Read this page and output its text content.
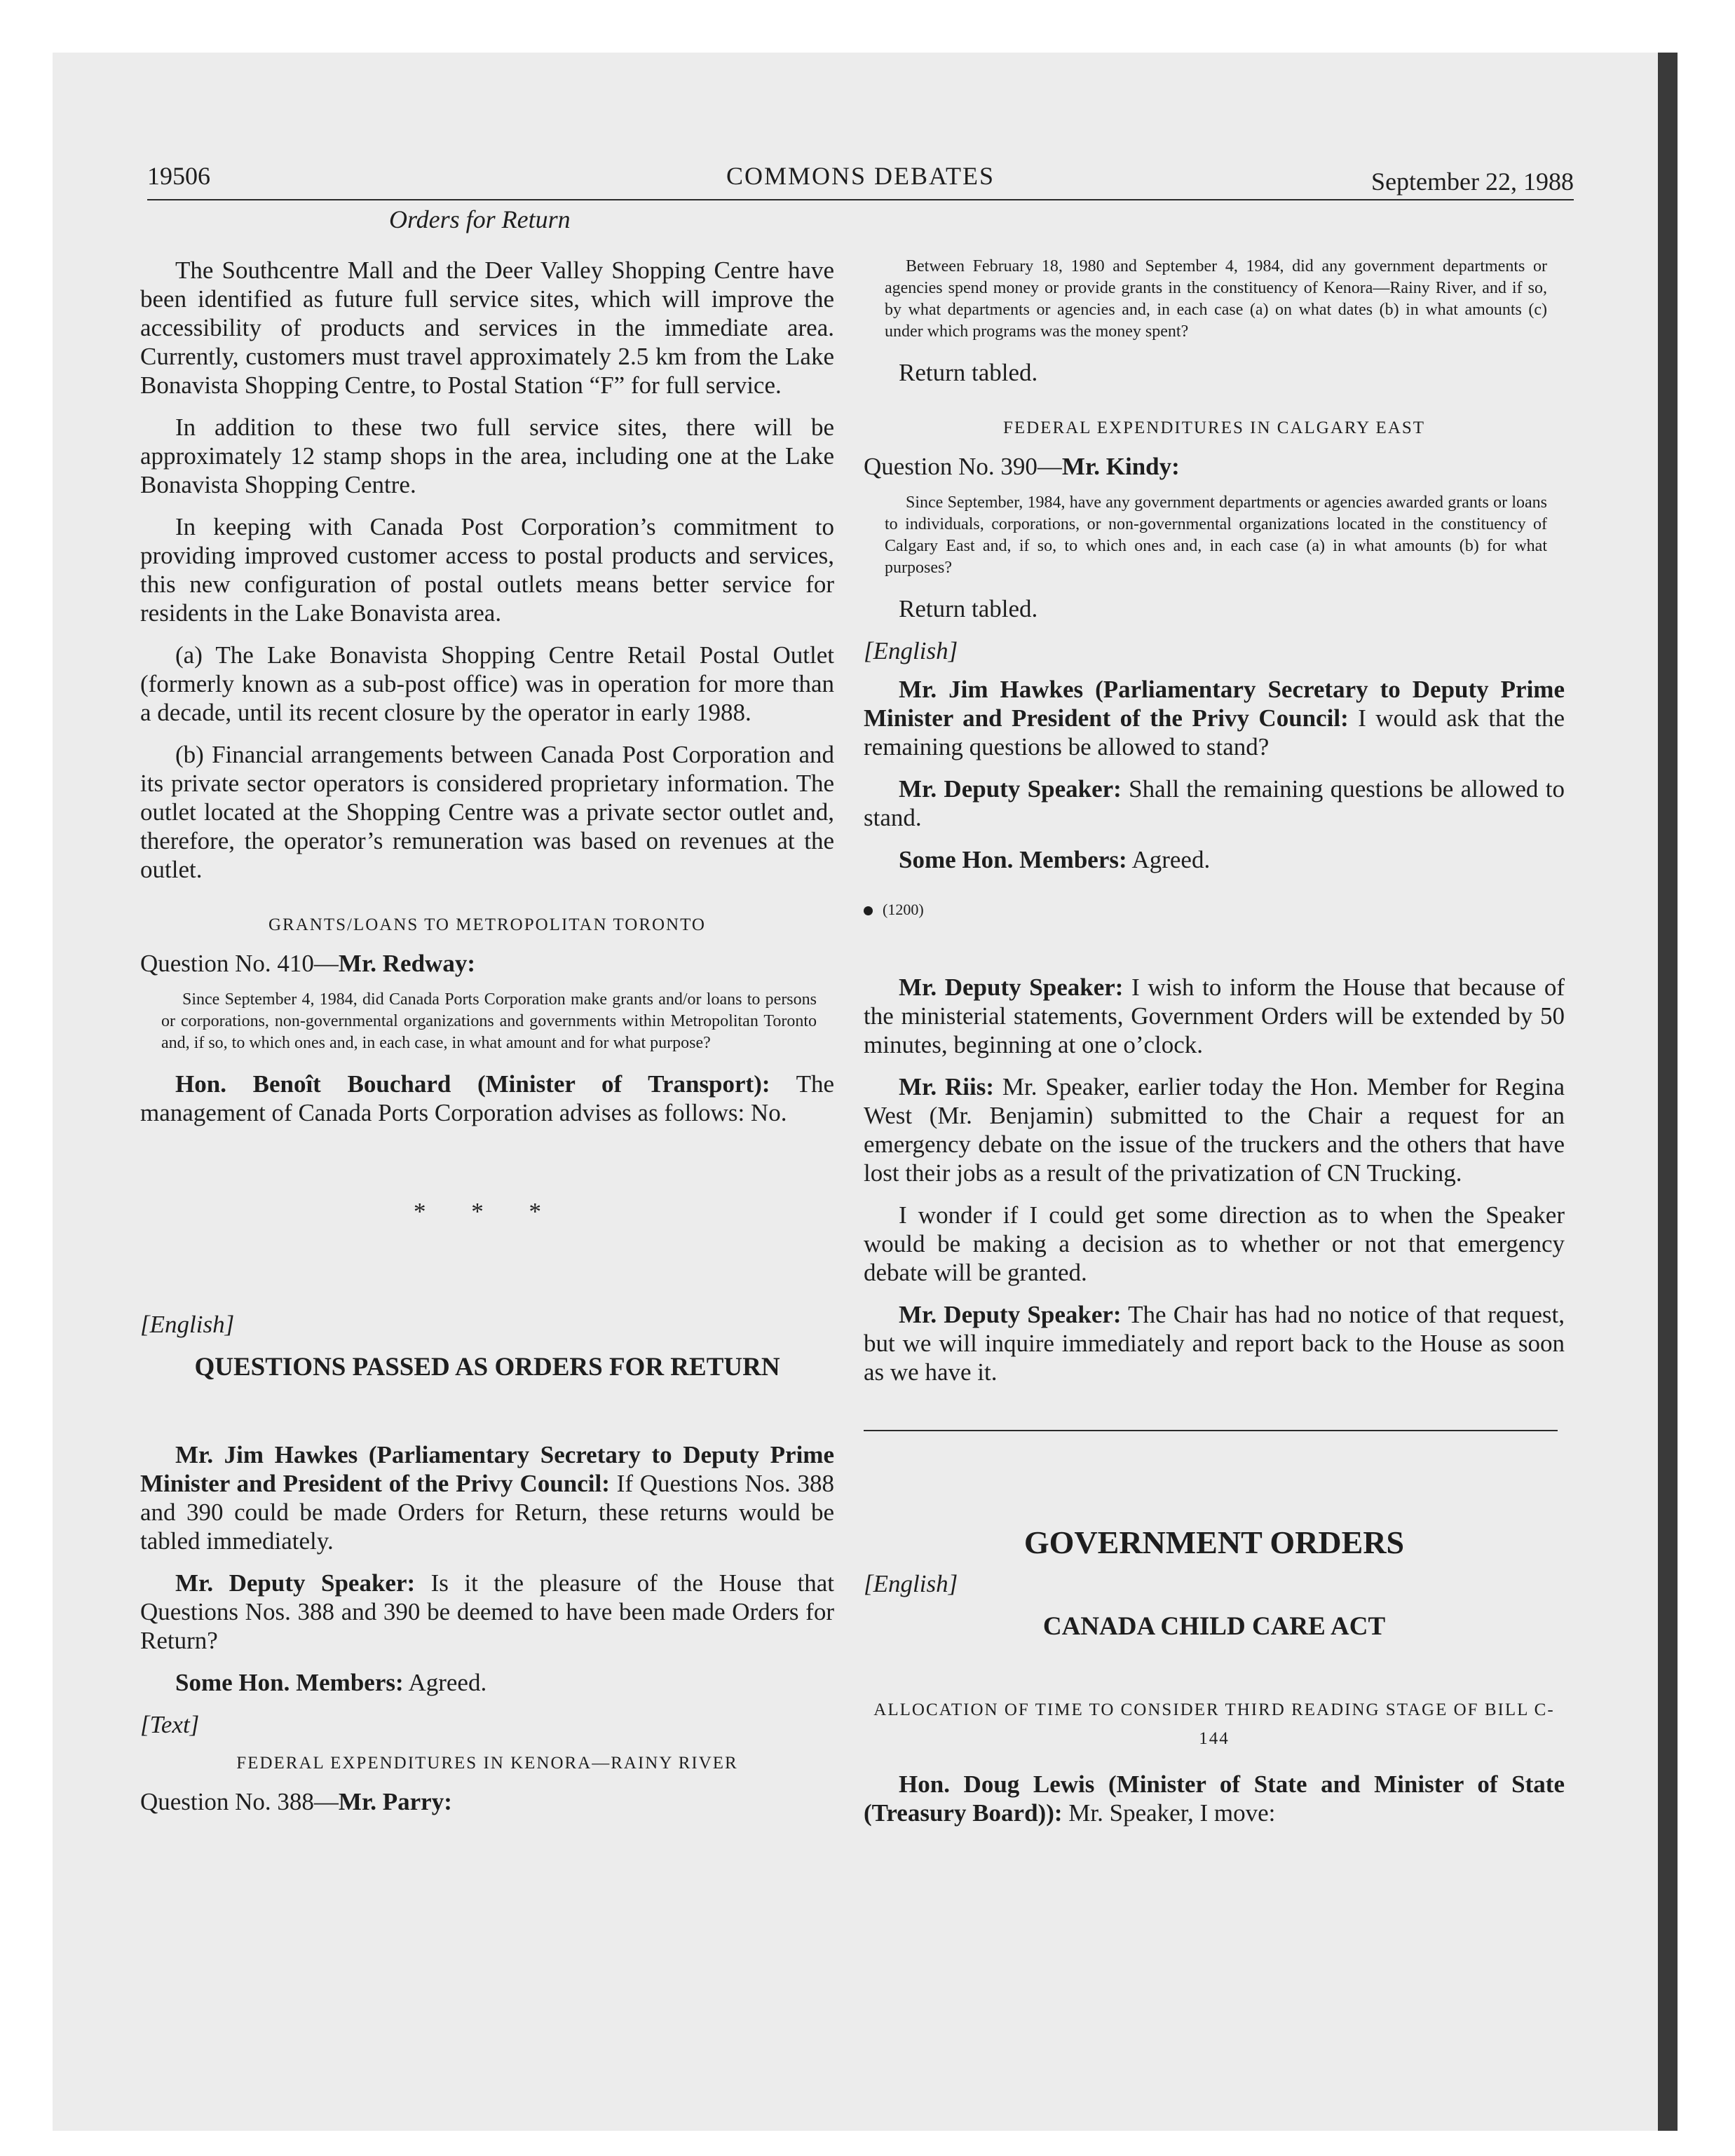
19506	COMMONS DEBATES	September 22, 1988
Orders for Return

The Southcentre Mall and the Deer Valley Shopping Centre have been identified as future full service sites, which will improve the accessibility of products and services in the immediate area. Currently, customers must travel approximately 2.5 km from the Lake Bonavista Shopping Centre, to Postal Station “F” for full service.

In addition to these two full service sites, there will be approximately 12 stamp shops in the area, including one at the Lake Bonavista Shopping Centre.

In keeping with Canada Post Corporation’s commitment to providing improved customer access to postal products and services, this new configuration of postal outlets means better service for residents in the Lake Bonavista area.

(a) The Lake Bonavista Shopping Centre Retail Postal Outlet (formerly known as a sub-post office) was in operation for more than a decade, until its recent closure by the operator in early 1988.

(b) Financial arrangements between Canada Post Corporation and its private sector operators is considered proprietary information. The outlet located at the Shopping Centre was a private sector outlet and, therefore, the operator’s remuneration was based on revenues at the outlet.

GRANTS/LOANS TO METROPOLITAN TORONTO

Question No. 410—Mr. Redway:

Since September 4, 1984, did Canada Ports Corporation make grants and/or loans to persons or corporations, non-governmental organizations and governments within Metropolitan Toronto and, if so, to which ones and, in each case, in what amount and for what purpose?

Hon. Benoît Bouchard (Minister of Transport): The management of Canada Ports Corporation advises as follows: No.

* * *

[English]

QUESTIONS PASSED AS ORDERS FOR RETURN

Mr. Jim Hawkes (Parliamentary Secretary to Deputy Prime Minister and President of the Privy Council: If Questions Nos. 388 and 390 could be made Orders for Return, these returns would be tabled immediately.

Mr. Deputy Speaker: Is it the pleasure of the House that Questions Nos. 388 and 390 be deemed to have been made Orders for Return?

Some Hon. Members: Agreed.

[Text]

FEDERAL EXPENDITURES IN KENORA—RAINY RIVER

Question No. 388—Mr. Parry:

Between February 18, 1980 and September 4, 1984, did any government departments or agencies spend money or provide grants in the constituency of Kenora—Rainy River, and if so, by what departments or agencies and, in each case (a) on what dates (b) in what amounts (c) under which programs was the money spent?

Return tabled.

FEDERAL EXPENDITURES IN CALGARY EAST

Question No. 390—Mr. Kindy:

Since September, 1984, have any government departments or agencies awarded grants or loans to individuals, corporations, or non-governmental organizations located in the constituency of Calgary East and, if so, to which ones and, in each case (a) in what amounts (b) for what purposes?

Return tabled.

[English]

Mr. Jim Hawkes (Parliamentary Secretary to Deputy Prime Minister and President of the Privy Council: I would ask that the remaining questions be allowed to stand?

Mr. Deputy Speaker: Shall the remaining questions be allowed to stand.

Some Hon. Members: Agreed.

(1200)

Mr. Deputy Speaker: I wish to inform the House that because of the ministerial statements, Government Orders will be extended by 50 minutes, beginning at one o’clock.

Mr. Riis: Mr. Speaker, earlier today the Hon. Member for Regina West (Mr. Benjamin) submitted to the Chair a request for an emergency debate on the issue of the truckers and the others that have lost their jobs as a result of the privatization of CN Trucking.

I wonder if I could get some direction as to when the Speaker would be making a decision as to whether or not that emergency debate will be granted.

Mr. Deputy Speaker: The Chair has had no notice of that request, but we will inquire immediately and report back to the House as soon as we have it.

GOVERNMENT ORDERS

[English]

CANADA CHILD CARE ACT

ALLOCATION OF TIME TO CONSIDER THIRD READING STAGE OF BILL C-144

Hon. Doug Lewis (Minister of State and Minister of State (Treasury Board)): Mr. Speaker, I move:
